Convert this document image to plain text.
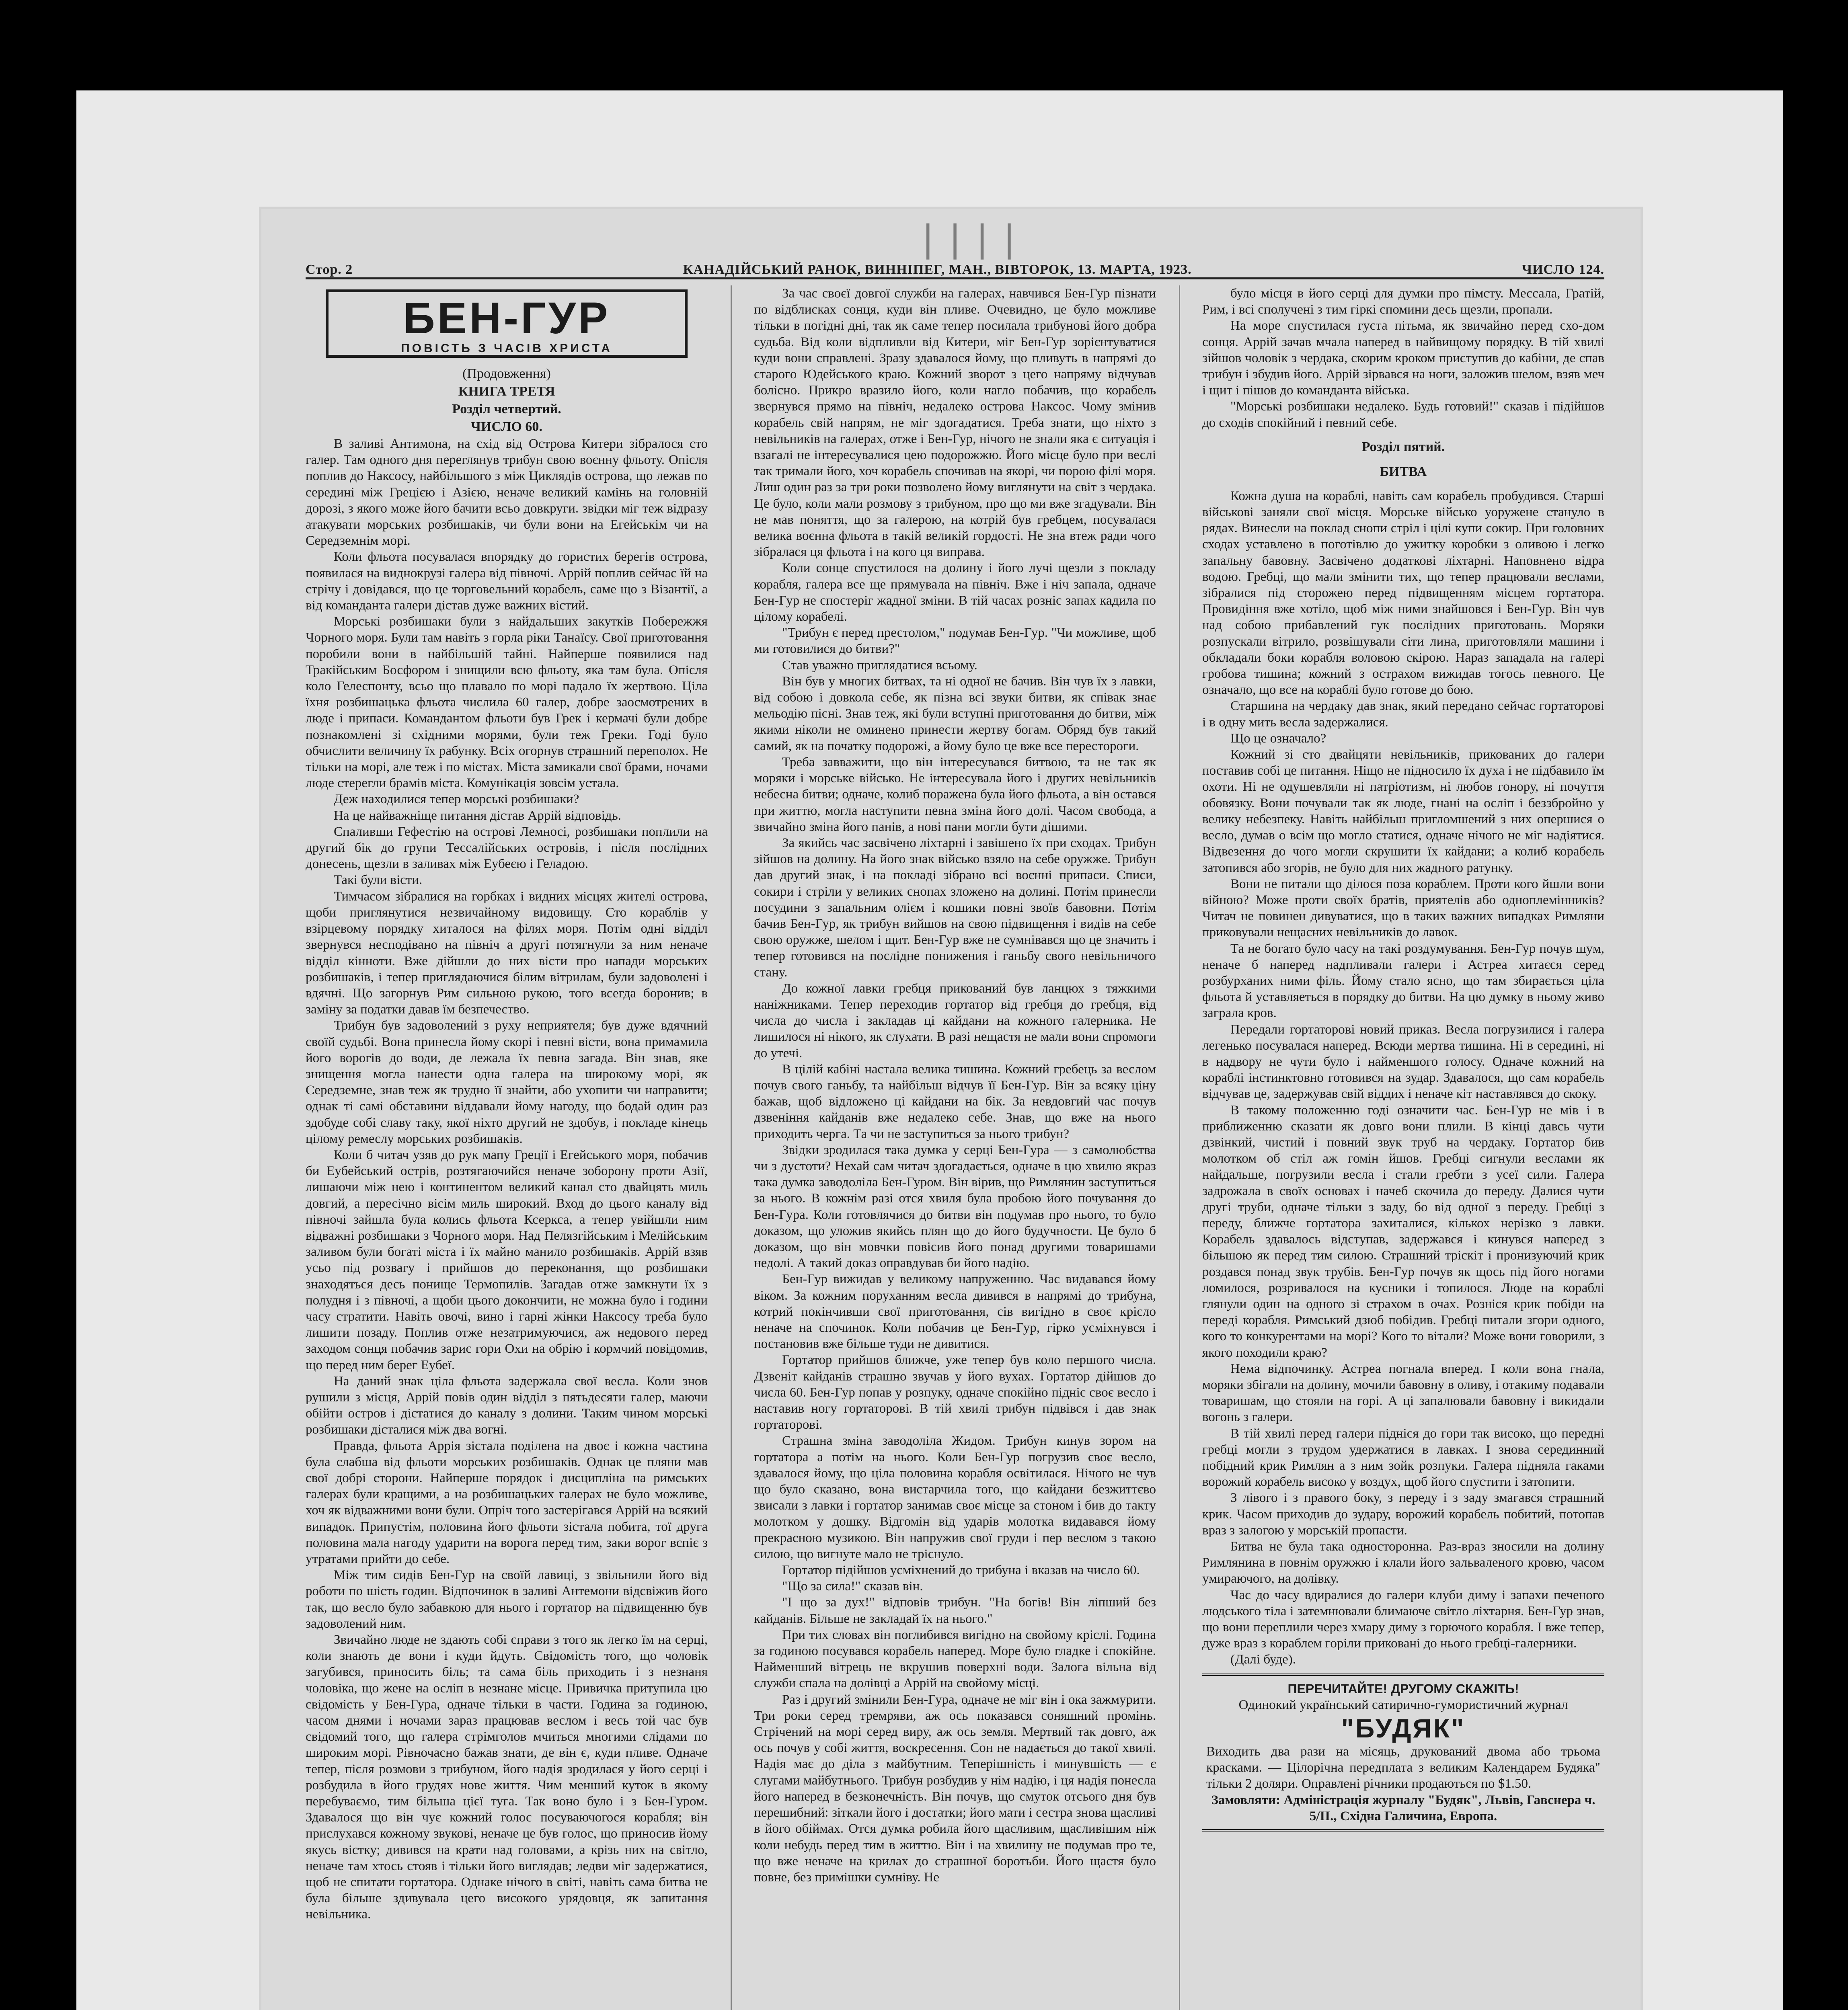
❘❘❘❘
Стор. 2	КАНАДІЙСЬКИЙ РАНОК, ВИННІПЕГ, МАН., ВІВТОРОК, 13. МАРТА, 1923.	ЧИСЛО 124.
БЕН-ГУР
ПОВІСТЬ З ЧАСІВ ХРИСТА

(Продовження)

КНИГА ТРЕТЯ

Розділ четвертий.

ЧИСЛО 60.

В заливі Антимона, на схід від Острова Китери зібралося сто галер. Там одного дня переглянув трибун свою воєнну фльоту. Опісля поплив до Наксосу, найбільшого з між Циклядів острова, що лежав по середині між Грецією і Азією, неначе великий камінь на головній дорозі, з якого може його бачити всьо довкруги. звідки міг теж відразу атакувати морських розбишаків, чи були вони на Егейськім чи на Середземнім морі.

Коли фльота посувалася впорядку до гористих берегів острова, появилася на виднокрузі галера від півночі. Аррій поплив сейчас їй на стрічу і довідався, що це торговельний корабель, саме що з Візантії, а від команданта галери дістав дуже важних вістий.

Морські розбишаки були з найдальших закутків Побережжя Чорного моря. Були там навіть з горла ріки Танаїсу. Свої приготовання поробили вони в найбільшій тайні. Найперше появилися над Тракійським Босфором і знищили всю фльоту, яка там була. Опісля коло Гелеспонту, всьо що плавало по морі падало їх жертвою. Ціла їхня розбишацька фльота числила 60 галер, добре заосмотрених в люде і припаси. Командантом фльоти був Грек і кермачі були добре познакомлені зі східними морями, були теж Греки. Годі було обчислити величину їх рабунку. Всіх огорнув страшний переполох. Не тільки на морі, але теж і по містах. Міста замикали свої брами, ночами люде стерегли брамів міста. Комунікація зовсім устала.

Деж находилися тепер морські розбишаки?

На це найважніще питання дістав Аррій відповідь.

Спаливши Гефестію на острові Лемносі, розбишаки поплили на другий бік до групи Тессалійських островів, і після послідних донесень, щезли в заливах між Eубеєю і Геладою.

Такі були вісти.

Тимчасом зібралися на горбках і видних місцях жителі острова, щоби приглянутися незвичайному видовищу. Сто кораблів у взірцевому порядку хиталося на філях моря. Потім одні відділ звернувся несподівано на північ а другі потягнули за ним неначе відділ кінноти. Вже дійшли до них вісти про напади морських розбишаків, і тепер приглядаючися білим вітрилам, були задоволені і вдячні. Що загорнув Рим сильною рукою, того всегда боронив; в заміну за податки давав їм безпечество.

Трибун був задоволений з руху неприятеля; був дуже вдячний своїй судьбі. Вона принесла йому скорі і певні вісти, вона примамила його ворогів до води, де лежала їх певна загада. Він знав, яке знищення могла нанести одна галера на широкому морі, як Середземне, знав теж як трудно її знайти, або ухопити чи направити; однак ті самі обставини віддавали йому нагоду, що бодай один раз здобуде собі славу таку, якої ніхто другий не здобув, і покладе кінець цілому ремеслу морських розбишаків.

Коли б читач узяв до рук мапу Греції і Егейського моря, побачив би Eубейський острів, розтягаючийся неначе зоборону проти Азії, лишаючи між нею і континентом великий канал сто двайцять миль довгий, а пересічно вісім миль широкий. Вход до цього каналу від півночі зайшла була колись фльота Ксеркса, а тепер увійшли ним відважні розбишаки з Чорного моря. Над Пелязгійським і Мелійським заливом були богаті міста і їх майно манило розбишаків. Аррій взяв усьо під розвагу і прийшов до переконання, що розбишаки знаходяться десь понище Термопилів. Загадав отже замкнути їх з полудня і з півночі, а щоби цього докончити, не можна було і години часу стратити. Навіть овочі, вино і гарні жінки Наксосу треба було лишити позаду. Поплив отже незатримуючися, аж недового перед заходом сонця побачив зарис гори Охи на обрію і кормчий повідомив, що перед ним берег Eубеї.

На даний знак ціла фльота задержала свої весла. Коли знов рушили з місця, Аррій повів один відділ з пятьдесяти галер, маючи обійти остров і дістатися до каналу з долини. Таким чином морські розбишаки дісталися між два вогні.

Правда, фльота Аррія зістала поділена на двоє і кожна частина була слабша від фльоти морських розбишаків. Однак це пляни мав свої добрі сторони. Найперше порядок і дисципліна на римських галерах були кращими, а на розбишацьких галерах не було можливе, хоч як відважними вони були. Опріч того застерігався Аррій на всякий випадок. Припустім, половина його фльоти зістала побита, тої друга половина мала нагоду ударити на ворога перед тим, заки ворог вспіє з утратами прийти до себе.

Між тим сидів Бен-Гур на своїй лавиці, з звільнили його від роботи по шість годин. Відпочинок в заливі Антемони відсвіжив його так, що весло було забавкою для нього і гортатор на підвищенню був задоволений ним.

Звичайно люде не здають собі справи з того як легко їм на серці, коли знають де вони і куди йдуть. Свідомість того, що чоловік загубився, приносить біль; та сама біль приходить і з незнаня чоловіка, що жене на осліп в незнане місце. Привичка притупила цю свідомість у Бен-Гура, одначе тільки в части. Година за годиною, часом днями і ночами зараз працював веслом і весь той час був свідомий того, що галера стрімголов мчиться многими слідами по широким морі. Рівночасно бажав знати, де він є, куди пливе. Одначе тепер, після розмови з трибуном, його надія зродилася у його серці і розбудила в його грудях нове життя. Чим менший куток в якому перебуваємо, тим більша цієї туга. Так воно було і з Бен-Гуром. Здавалося що він чує кожний голос посуваючогося корабля; він прислухався кожному звукові, неначе це був голос, що приносив йому якусь вістку; дивився на крати над головами, а крізь них на світло, неначе там хтось стояв і тільки його виглядав; ледви міг задержатися, щоб не спитати гортатора. Однаке нічого в світі, навіть сама битва не була більше здивувала цего високого урядовця, як запитання невільника.

За час своєї довгої служби на галерах, навчився Бен-Гур пізнати по відблисках сонця, куди він пливе. Очевидно, це було можливе тільки в погідні дні, так як саме тепер посилала трибунові його добра судьба. Від коли відпливли від Китери, міг Бен-Гур зорієнтуватися куди вони справлені. Зразу здавалося йому, що пливуть в напрямі до старого Юдейського краю. Кожний зворот з цего напряму відчував болісно. Прикро вразило його, коли нагло побачив, що корабель звернувся прямо на північ, недалеко острова Наксос. Чому змінив корабель свій напрям, не міг здогадатися. Треба знати, що ніхто з невільників на галерах, отже і Бен-Гур, нічого не знали яка є ситуація і взагалі не інтересувалися цею подорожжю. Його місце було при веслі так тримали його, хоч корабель спочивав на якорі, чи порою філі моря. Лиш один раз за три роки позволено йому виглянути на світ з чердака. Це було, коли мали розмову з трибуном, про що ми вже згадували. Він не мав поняття, що за галерою, на котрій був гребцем, посувалася велика воєнна фльота в такій великій гордості. Не зна втеж ради чого зібралася ця фльота і на кого ця виправа.

Коли сонце спустилося на долину і його лучі щезли з покладу корабля, галера все ще прямувала на північ. Вже і ніч запала, одначе Бен-Гур не спостеріг жадної зміни. В тій часах розніс запах кадила по цілому корабелі.

"Трибун є перед престолом," подумав Бен-Гур. "Чи можливе, щоб ми готовилися до битви?"

Став уважно приглядатися всьому.

Він був у многих битвах, та ні одної не бачив. Він чув їх з лавки, від собою і довкола себе, як пізна всі звуки битви, як співак знає мельодію пісні. Знав теж, які були вступні приготовання до битви, між якими ніколи не оминено принести жертву богам. Обряд був такий самий, як на початку подорожі, а йому було це вже все перестороги.

Треба завважити, що він інтересувався битвою, та не так як моряки і морське військо. Не інтересувала його і других невільників небесна битви; одначе, колиб поражена була його фльота, а він остався при життю, могла наступити певна зміна його долі. Часом свобода, а звичайно зміна його панів, а нові пани могли бути дішими.

За якийсь час засвічено ліхтарні і завішено їх при сходах. Трибун зійшов на долину. На його знак військо взяло на себе оружже. Трибун дав другий знак, і на покладі зібрано всі воєнні припаси. Списи, сокири і стріли у великих снопах зложено на долині. Потім принесли посудини з запальним олієм і кошики повні звоїв бавовни. Потім бачив Бен-Гур, як трибун вийшов на свою підвищення і видів на себе свою оружже, шелом і щит. Бен-Гур вже не сумнівався що це значить і тепер готовився на послідне понижения і ганьбу свого невільничого стану.

До кожної лавки гребця прикований був ланцюх з тяжкими наніжниками. Тепер переходив гортатор від гребця до гребця, від числа до числа і закладав ці кайдани на кожного галерника. Не лишилося ні нікого, як слухати. В разі нещастя не мали вони спромоги до утечі.

В цілій кабіні настала велика тишина. Кожний гребець за веслом почув свого ганьбу, та найбільш відчув її Бен-Гур. Він за всяку ціну бажав, щоб відложено ці кайдани на бік. За невдовгий час почув дзвеніння кайданів вже недалеко себе. Знав, що вже на нього приходить черга. Та чи не заступиться за нього трибун?

Звідки зродилася така думка у серці Бен-Гура — з самолюбства чи з дустоти? Нехай сам читач здогадається, одначе в цю хвилю якраз така думка заводоліла Бен-Гуром. Він вірив, що Римлянин заступиться за нього. В кожнім разі отся хвиля була пробою його почування до Бен-Гура. Коли готовлячися до битви він подумав про нього, то було доказом, що уложив якийсь плян що до його будучности. Це було б доказом, що він мовчки повісив його понад другими товаришами недолі. А такий доказ оправдував би його надію.

Бен-Гур вижидав у великому напруженню. Час видавався йому віком. За кожним поруханням весла дивився в напрямі до трибуна, котрий покінчивши свої приготовання, сів вигідно в своє крісло неначе на спочинок. Коли побачив це Бен-Гур, гірко усміхнувся і постановив вже більше туди не дивитися.

Гортатор прийшов ближче, уже тепер був коло першого числа. Дзвеніт кайданів страшно звучав у його вухах. Гортатор дійшов до числа 60. Бен-Гур попав у розпуку, одначе спокійно підніс своє весло і наставив ногу гортаторові. В тій хвилі трибун підвівся і дав знак гортаторові.

Страшна зміна заводоліла Жидом. Трибун кинув зором на гортатора а потім на нього. Коли Бен-Гур погрузив своє весло, здавалося йому, що ціла половина корабля освітилася. Нічого не чув що було сказано, вона вистарчила того, що кайдани безжиттєво звисали з лавки і гортатор занимав своє місце за стоном і бив до такту молотком у дошку. Відгомін від ударів молотка видавався йому прекрасною музикою. Він напружив свої груди і пер веслом з такою силою, що вигнуте мало не тріснуло.

Гортатор підійшов усміхнений до трибуна і вказав на число 60.

"Що за сила!" сказав він.

"І що за дух!" відповів трибун. "На богів! Він ліпший без кайданів. Більше не закладай їх на нього."

При тих словах він поглибився вигідно на свойому кріслі. Година за годиною посувався корабель наперед. Море було гладке і спокійне. Найменший вітрець не вкрушив поверхні води. Залога вільна від служби спала на долівці а Аррій на свойому місці.

Раз і другий змінили Бен-Гура, одначе не міг він і ока зажмурити. Три роки серед тремряви, аж ось показався соняшний промінь. Стрічений на морі серед виру, аж ось земля. Мертвий так довго, аж ось почув у собі життя, воскресення. Сон не надається до такої хвилі. Надія має до діла з майбутним. Теперішність і минувшість — є слугами майбутнього. Трибун розбудив у нім надію, і ця надія понесла його наперед в безконечність. Він почув, що смуток отсього дня був перешибний: зіткали його і достатки; його мати і сестра знова щасливі в його обіймах. Отся думка робила його щасливим, щасливішим ніж коли небудь перед тим в життю. Він і на хвилину не подумав про те, що вже неначе на крилах до страшної боротьби. Його щастя було повне, без примішки сумніву. Не

було місця в його серці для думки про пімсту. Мессала, Гратій, Рим, і всі сполучені з тим гіркі спомини десь щезли, пропали.

На море спустилася густа пітьма, як звичайно перед схо-дом сонця. Аррій зачав мчала наперед в найвищому порядку. В тій хвилі зійшов чоловік з чердака, скорим кроком приступив до кабіни, де спав трибун і збудив його. Аррій зірвався на ноги, заложив шелом, взяв меч і щит і пішов до команданта війська.

"Морські розбишаки недалеко. Будь готовий!" сказав і підійшов до сходів спокійний і певний себе.

Розділ пятий.

БИТВА

Кожна душа на кораблі, навіть сам корабель пробудився. Старші військові заняли свої місця. Морське військо уоружене стануло в рядах. Винесли на поклад снопи стріл і цілі купи сокир. При головних сходах уставлено в поготівлю до ужитку коробки з оливою і легко запальну бавовну. Засвічено додаткові ліхтарні. Наповнено відра водою. Гребці, що мали змінити тих, що тепер працювали веслами, зібралися під сторожею перед підвищенням місцем гортатора. Провидіння вже хотіло, щоб між ними знайшовся і Бен-Гур. Він чув над собою прибавлений гук послідних приготовань. Моряки розпускали вітрило, розвішували сіти лина, приготовляли машини і обкладали боки корабля воловою скірою. Нараз западала на галері гробова тишина; кожний з острахом вижидав тогось певного. Це означало, що все на кораблі було готове до бою.

Старшина на чердаку дав знак, який передано сейчас гортаторові і в одну мить весла задержалися.

Що це означало?

Кожний зі сто двайцяти невільників, прикованих до галери поставив собі це питання. Ніщо не підносило їх духа і не підбавило їм охоти. Ні не одушевляли ні патріотизм, ні любов гонору, ні почуття обовязку. Вони почували так як люде, гнані на осліп і беззбройно у велику небезпеку. Навіть найбільш пригломшений з них опершися о весло, думав о всім що могло статися, одначе нічого не міг надіятися. Відвезення до чого могли скрушити їх кайдани; а колиб корабель затопився або згорів, не було для них жадного ратунку.

Вони не питали що ділося поза кораблем. Проти кого йшли вони війною? Може проти своїх братів, приятелів або одноплемінників? Читач не повинен дивуватися, що в таких важних випадках Римляни приковували нещасних невільників до лавок.

Та не богато було часу на такі роздумування. Бен-Гур почув шум, неначе б наперед надпливали галери і Астреа хитаєся серед розбурханих ними філь. Йому стало ясно, що там збирається ціла фльота й уставляеться в порядку до битви. На цю думку в ньому живо заграла кров.

Передали гортаторові новий приказ. Весла погрузилися і галера легенько посувалася наперед. Всюди мертва тишина. Ні в середині, ні в надвору не чути було і найменшого голосу. Одначе кожний на кораблі інстинктовно готовився на зудар. Здавалося, що сам корабель відчував це, задержував свій віддих і неначе кіт наставлявся до скоку.

В такому положенню годі означити час. Бен-Гур не мів і в приближенню сказати як довго вони плили. В кінці давсь чути дзвінкий, чистий і повний звук труб на чердаку. Гортатор бив молотком об стіл аж гомін йшов. Гребці сигнули веслами як найдальше, погрузили весла і стали гребти з усеї сили. Галера задрожала в своїх основах і начеб скочила до переду. Далися чути другі труби, одначе тільки з заду, бо від одної з переду. Гребці з переду, ближче гортатора захиталися, кількох нерізко з лавки. Корабель здавалось відступав, задержався і кинувся наперед з більшою як перед тим силою. Страшний тріскіт і пронизуючий крик роздався понад звук трубів. Бен-Гур почув як щось під його ногами ломилося, розривалося на кусники і топилося. Люде на кораблі глянули один на одного зі страхом в очах. Розніся крик побіди на переді корабля. Римський дзюб побідив. Гребці питали згори одного, кого то конкурентами на морі? Кого то вітали? Може вони говорили, з якого походили краю?

Нема відпочинку. Астреа погнала вперед. І коли вона гнала, моряки збігали на долину, мочили бавовну в оливу, і отакиму подавали товаришам, що стояли на горі. А ці запалювали бавовну і викидали вогонь з галери.

В тій хвилі перед галери підніся до гори так високо, що передні гребці могли з трудом удержатися в лавках. І знова серединний побідний крик Римлян а з ним зойк розпуки. Галера підняла гаками ворожий корабель високо у воздух, щоб його спустити і затопити.

З лівого і з правого боку, з переду і з заду змагався страшний крик. Часом приходив до зудару, ворожий корабель побитий, потопав враз з залогою у морській пропасти.

Битва не була така односторонна. Раз-враз зносили на долину Римлянина в повнім оружжю і клали його зальваленого кровю, часом умираючого, на долівку.

Час до часу вдиралися до галери клуби диму і запахи печеного людського тіла і затемнювали блимаюче світло ліхтарня. Бен-Гур знав, що вони переплили через хмару диму з горючого корабля. І вже тепер, дуже враз з кораблем горіли приковані до нього гребці-галерники.

(Далі буде).

ПЕРЕЧИТАЙТЕ! ДРУГОМУ СКАЖІТЬ!

Одинокий український сатирично-гумористичний журнал

"БУДЯК"

Виходить два рази на місяць, друкований двома або трьома красками. — Цілорічна передплата з великим Календарем Будяка" тільки 2 доляри. Оправлені річники продаються по $1.50.

Замовляти: Адміністрація журналу "Будяк", Львів, Гавснера ч. 5/II., Східна Галичина, Европа.
